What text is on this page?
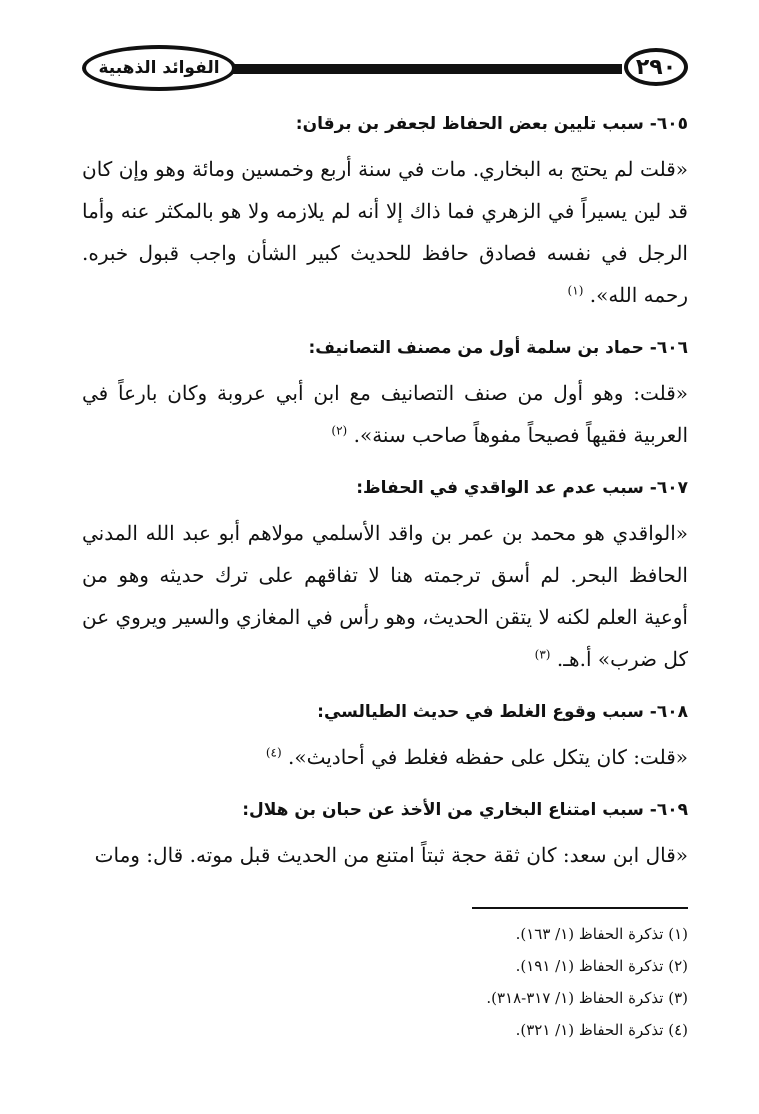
٢٩٠
الفوائد الذهبية
٦٠٥- سبب تليين بعض الحفاظ لجعفر بن برقان:

«قلت لم يحتج به البخاري. مات في سنة أربع وخمسين ومائة وهو وإن كان قد لين يسيراً في الزهري فما ذاك إلا أنه لم يلازمه ولا هو بالمكثر عنه وأما الرجل في نفسه فصادق حافظ للحديث كبير الشأن واجب قبول خبره. رحمه الله». $^{(١)}$

٦٠٦- حماد بن سلمة أول من مصنف التصانيف:

«قلت: وهو أول من صنف التصانيف مع ابن أبي عروبة وكان بارعاً في العربية فقيهاً فصيحاً مفوهاً صاحب سنة». $^{(٢)}$

٦٠٧- سبب عدم عد الواقدي في الحفاظ:

«الواقدي هو محمد بن عمر بن واقد الأسلمي مولاهم أبو عبد الله المدني الحافظ البحر. لم أسق ترجمته هنا لا تفاقهم على ترك حديثه وهو من أوعية العلم لكنه لا يتقن الحديث، وهو رأس في المغازي والسير ويروي عن كل ضرب» أ.هـ. $^{(٣)}$

٦٠٨- سبب وقوع الغلط في حديث الطيالسي:

«قلت: كان يتكل على حفظه فغلط في أحاديث». $^{(٤)}$

٦٠٩- سبب امتناع البخاري من الأخذ عن حبان بن هلال:

«قال ابن سعد: كان ثقة حجة ثبتاً امتنع من الحديث قبل موته. قال: ومات

(١) تذكرة الحفاظ (١/ ١٦٣).
(٢) تذكرة الحفاظ (١/ ١٩١).
(٣) تذكرة الحفاظ (١/ ٣١٧-٣١٨).
(٤) تذكرة الحفاظ (١/ ٣٢١).
